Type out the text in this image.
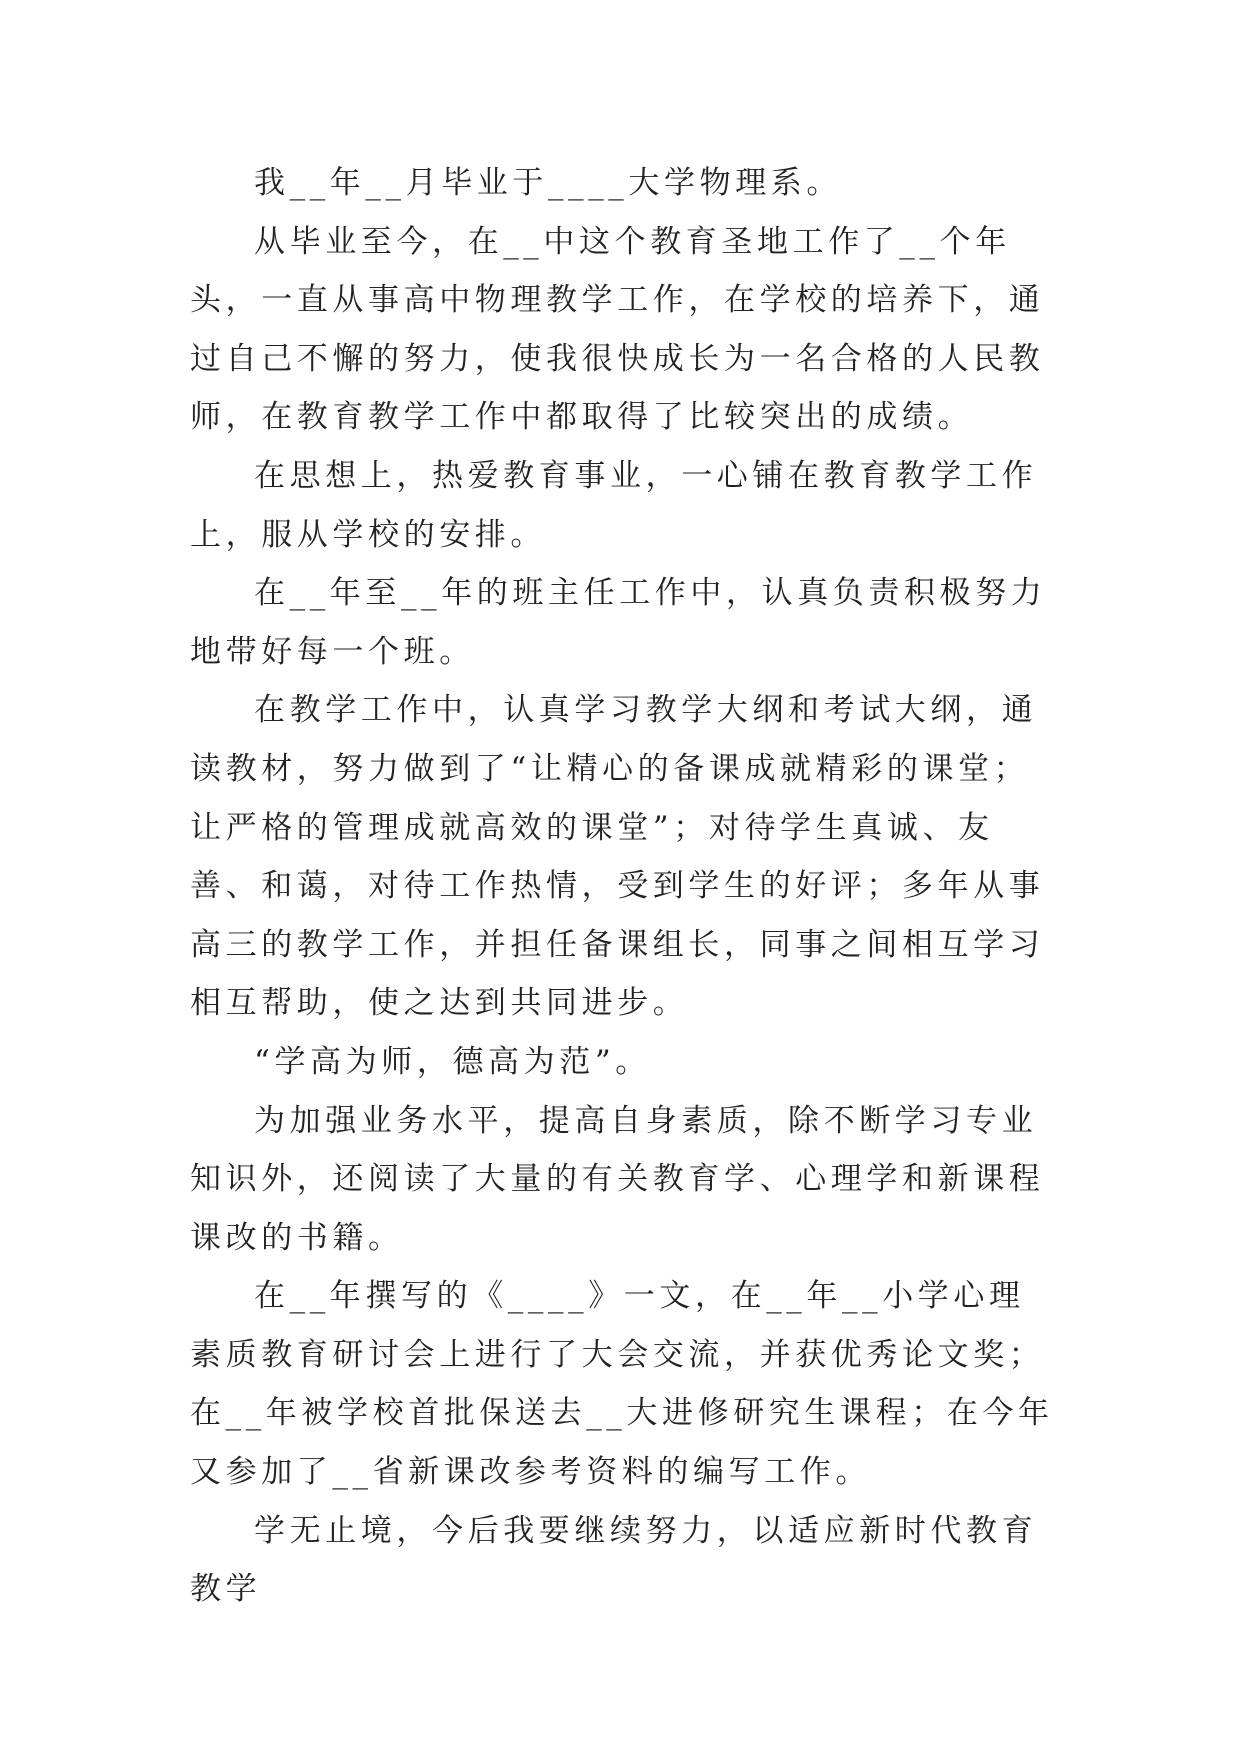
我__年__月毕业于____大学物理系。

从毕业至今，在__中这个教育圣地工作了__个年头，一直从事高中物理教学工作，在学校的培养下，通过自己不懈的努力，使我很快成长为一名合格的人民教师，在教育教学工作中都取得了比较突出的成绩。

在思想上，热爱教育事业，一心铺在教育教学工作上，服从学校的安排。

在__年至__年的班主任工作中，认真负责积极努力地带好每一个班。

在教学工作中，认真学习教学大纲和考试大纲，通读教材，努力做到了“让精心的备课成就精彩的课堂；让严格的管理成就高效的课堂”；对待学生真诚、友善、和蔼，对待工作热情，受到学生的好评；多年从事高三的教学工作，并担任备课组长，同事之间相互学习相互帮助，使之达到共同进步。

“学高为师，德高为范”。

为加强业务水平，提高自身素质，除不断学习专业知识外，还阅读了大量的有关教育学、心理学和新课程课改的书籍。

在__年撰写的《____》一文，在__年__小学心理素质教育研讨会上进行了大会交流，并获优秀论文奖；在__年被学校首批保送去__大进修研究生课程；在今年又参加了__省新课改参考资料的编写工作。

学无止境，今后我要继续努力，以适应新时代教育教学
